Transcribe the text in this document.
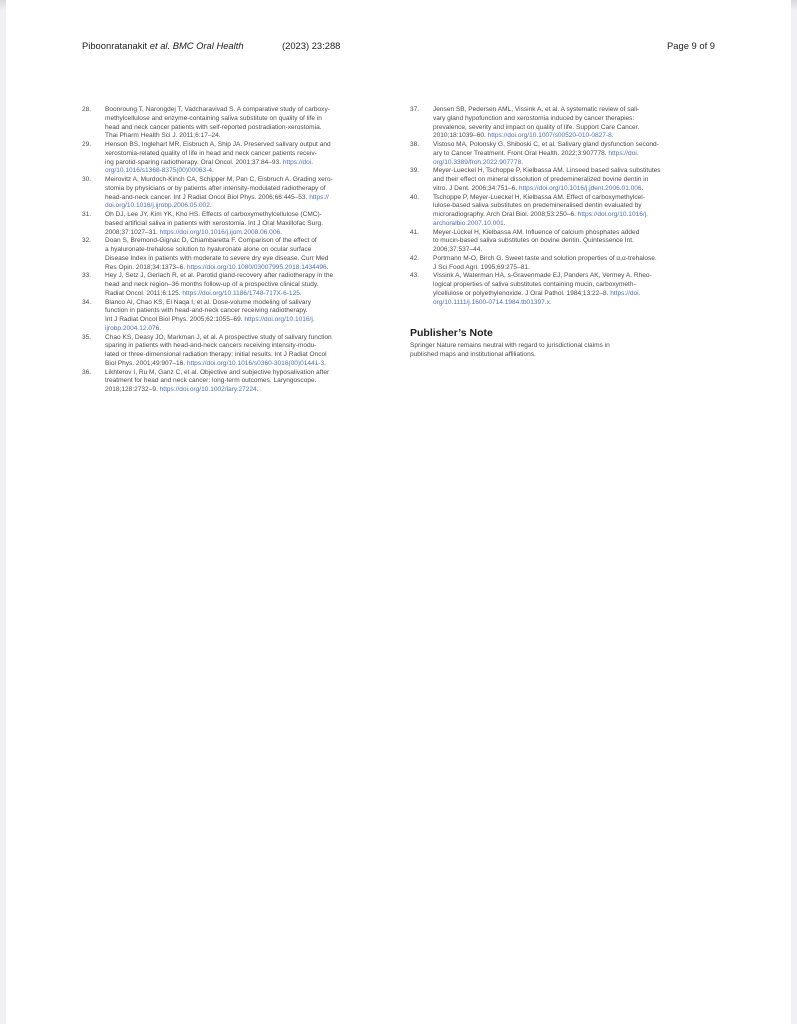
Piboonratanakit et al. BMC Oral Health	(2023) 23:288	Page 9 of 9
28. Boonroung T, Narongdej T, Vadcharavivad S. A comparative study of carboxy-
methylcellulose and enzyme-containing saliva substitute on quality of life in
head and neck cancer patients with self-reported postradiation-xerostomia.
Thai Pharm Health Sci J. 2011;6:17–24.
29. Henson BS, Inglehart MR, Eisbruch A, Ship JA. Preserved salivary output and
xerostomia-related quality of life in head and neck cancer patients receiv-
ing parotid-sparing radiotherapy. Oral Oncol. 2001;37:84–93. https://doi.
org/10.1016/s1368-8375(00)00063-4.
30. Meirovitz A, Murdoch-Kinch CA, Schipper M, Pan C, Eisbruch A. Grading xero-
stomia by physicians or by patients after intensity-modulated radiotherapy of
head-and-neck cancer. Int J Radiat Oncol Biol Phys. 2006;66:445–53. https://
doi.org/10.1016/j.ijrobp.2006.05.002.
31. Oh DJ, Lee JY, Kim YK, Kho HS. Effects of carboxymethylcellulose (CMC)-
based artificial saliva in patients with xerostomia. Int J Oral Maxillofac Surg.
2008;37:1027–31. https://doi.org/10.1016/j.ijom.2008.06.006.
32. Doan S, Bremond-Gignac D, Chiambaretta F. Comparison of the effect of
a hyaluronate-trehalose solution to hyaluronate alone on ocular surface
Disease Index in patients with moderate to severe dry eye disease. Curr Med
Res Opin. 2018;34:1373–6. https://doi.org/10.1080/03007995.2018.1434496.
33. Hey J, Setz J, Gerlach R, et al. Parotid gland-recovery after radiotherapy in the
head and neck region–36 months follow-up of a prospective clinical study.
Radiat Oncol. 2011;6:125. https://doi.org/10.1186/1748-717X-6-125.
34. Blanco AI, Chao KS, El Naqa I, et al. Dose-volume modeling of salivary
function in patients with head-and-neck cancer receiving radiotherapy.
Int J Radiat Oncol Biol Phys. 2005;62:1055–69. https://doi.org/10.1016/j.
ijrobp.2004.12.076.
35. Chao KS, Deasy JO, Markman J, et al. A prospective study of salivary function
sparing in patients with head-and-neck cancers receiving intensity-modu-
lated or three-dimensional radiation therapy: initial results. Int J Radiat Oncol
Biol Phys. 2001;49:907–16. https://doi.org/10.1016/s0360-3016(00)01441-3.
36. Likhterov I, Ru M, Ganz C, et al. Objective and subjective hyposalivation after
treatment for head and neck cancer: long-term outcomes. Laryngoscope.
2018;128:2732–9. https://doi.org/10.1002/lary.27224.
37. Jensen SB, Pedersen AML, Vissink A, et al. A systematic review of sali-
vary gland hypofunction and xerostomia induced by cancer therapies:
prevalence, severity and impact on quality of life. Support Care Cancer.
2010;18:1039–60. https://doi.org/10.1007/s00520-010-0827-8.
38. Vistoso MA, Polonsky G, Shiboski C, et al. Salivary gland dysfunction second-
ary to Cancer Treatment. Front Oral Health. 2022;3:907778. https://doi.
org/10.3389/froh.2022.907778.
39. Meyer-Lueckel H, Tschoppe P, Kielbassa AM. Linseed based saliva substitutes
and their effect on mineral dissolution of predemineralized bovine dentin in
vitro. J Dent. 2006;34:751–6. https://doi.org/10.1016/j.jdent.2006.01.006.
40. Tschoppe P, Meyer-Lueckel H, Kielbassa AM. Effect of carboxymethylcel-
lulose-based saliva substitutes on predemineralised dentin evaluated by
microradiography. Arch Oral Biol. 2008;53:250–6. https://doi.org/10.1016/j.
archoralbio.2007.10.001.
41. Meyer-Lückel H, Kielbassa AM. Influence of calcium phosphates added
to mucin-based saliva substitutes on bovine dentin. Quintessence Int.
2006;37:537–44.
42. Portmann M-O, Birch G. Sweet taste and solution properties of α,α-trehalose.
J Sci Food Agri. 1995;69:275–81.
43. Vissink A, Waterman HA, s-Gravenmade EJ, Panders AK, Vermey A. Rheo-
logical properties of saliva substitutes containing mucin, carboxymeth-
ylcellulose or polyethylenoxide. J Oral Pathol. 1984;13:22–8. https://doi.
org/10.1111/j.1600-0714.1984.tb01397.x.
Publisher’s Note
Springer Nature remains neutral with regard to jurisdictional claims in
published maps and institutional affiliations.
